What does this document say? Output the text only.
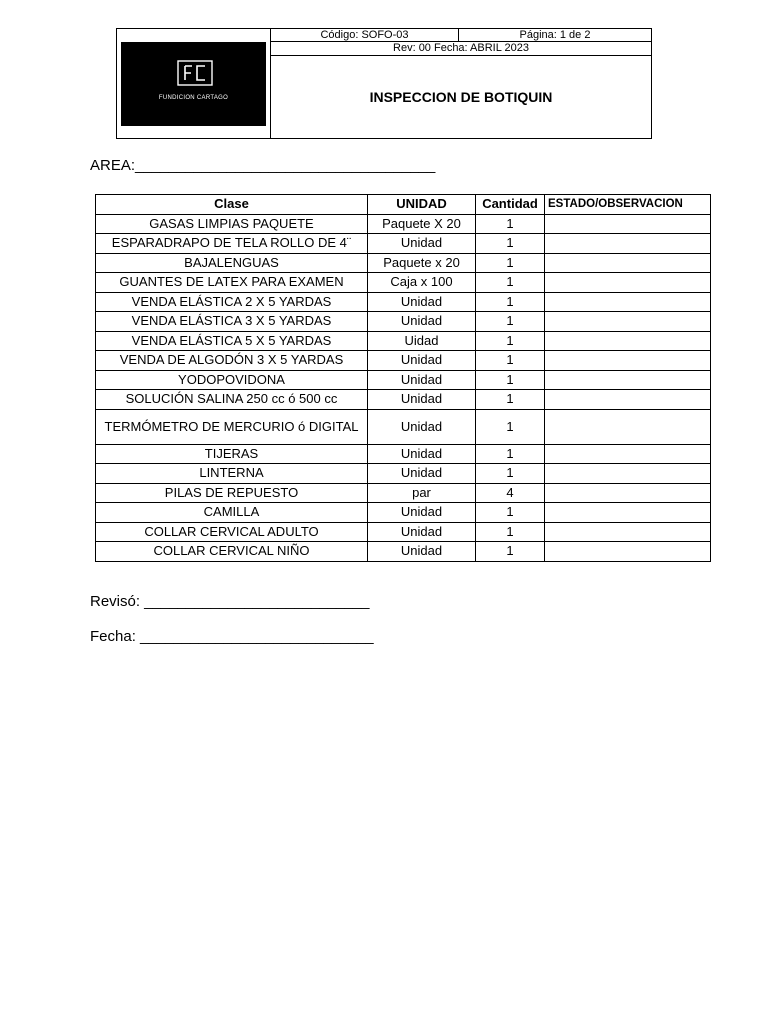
FUNDICION CARTAGO
Código: SOFO-03	Página: 1 de 2
Rev: 00 Fecha: ABRIL 2023
INSPECCION DE BOTIQUIN
AREA:____________________________________
Clase	UNIDAD	Cantidad	ESTADO/OBSERVACION
GASAS LIMPIAS PAQUETE	Paquete X 20	1	
ESPARADRAPO DE TELA ROLLO DE 4¨	Unidad	1	
BAJALENGUAS	Paquete x 20	1	
GUANTES DE LATEX PARA EXAMEN	Caja x 100	1	
VENDA ELÁSTICA 2 X 5 YARDAS	Unidad	1	
VENDA ELÁSTICA 3 X 5 YARDAS	Unidad	1	
VENDA ELÁSTICA 5 X 5 YARDAS	Uidad	1	
VENDA DE ALGODÓN 3 X 5 YARDAS	Unidad	1	
YODOPOVIDONA	Unidad	1	
SOLUCIÓN SALINA 250 cc ó 500 cc	Unidad	1	
TERMÓMETRO DE MERCURIO ó DIGITAL	Unidad	1	
TIJERAS	Unidad	1	
LINTERNA	Unidad	1	
PILAS DE REPUESTO	par	4	
CAMILLA	Unidad	1	
COLLAR CERVICAL ADULTO	Unidad	1	
COLLAR CERVICAL NIÑO	Unidad	1	
Revisó: ___________________________
Fecha: ____________________________
